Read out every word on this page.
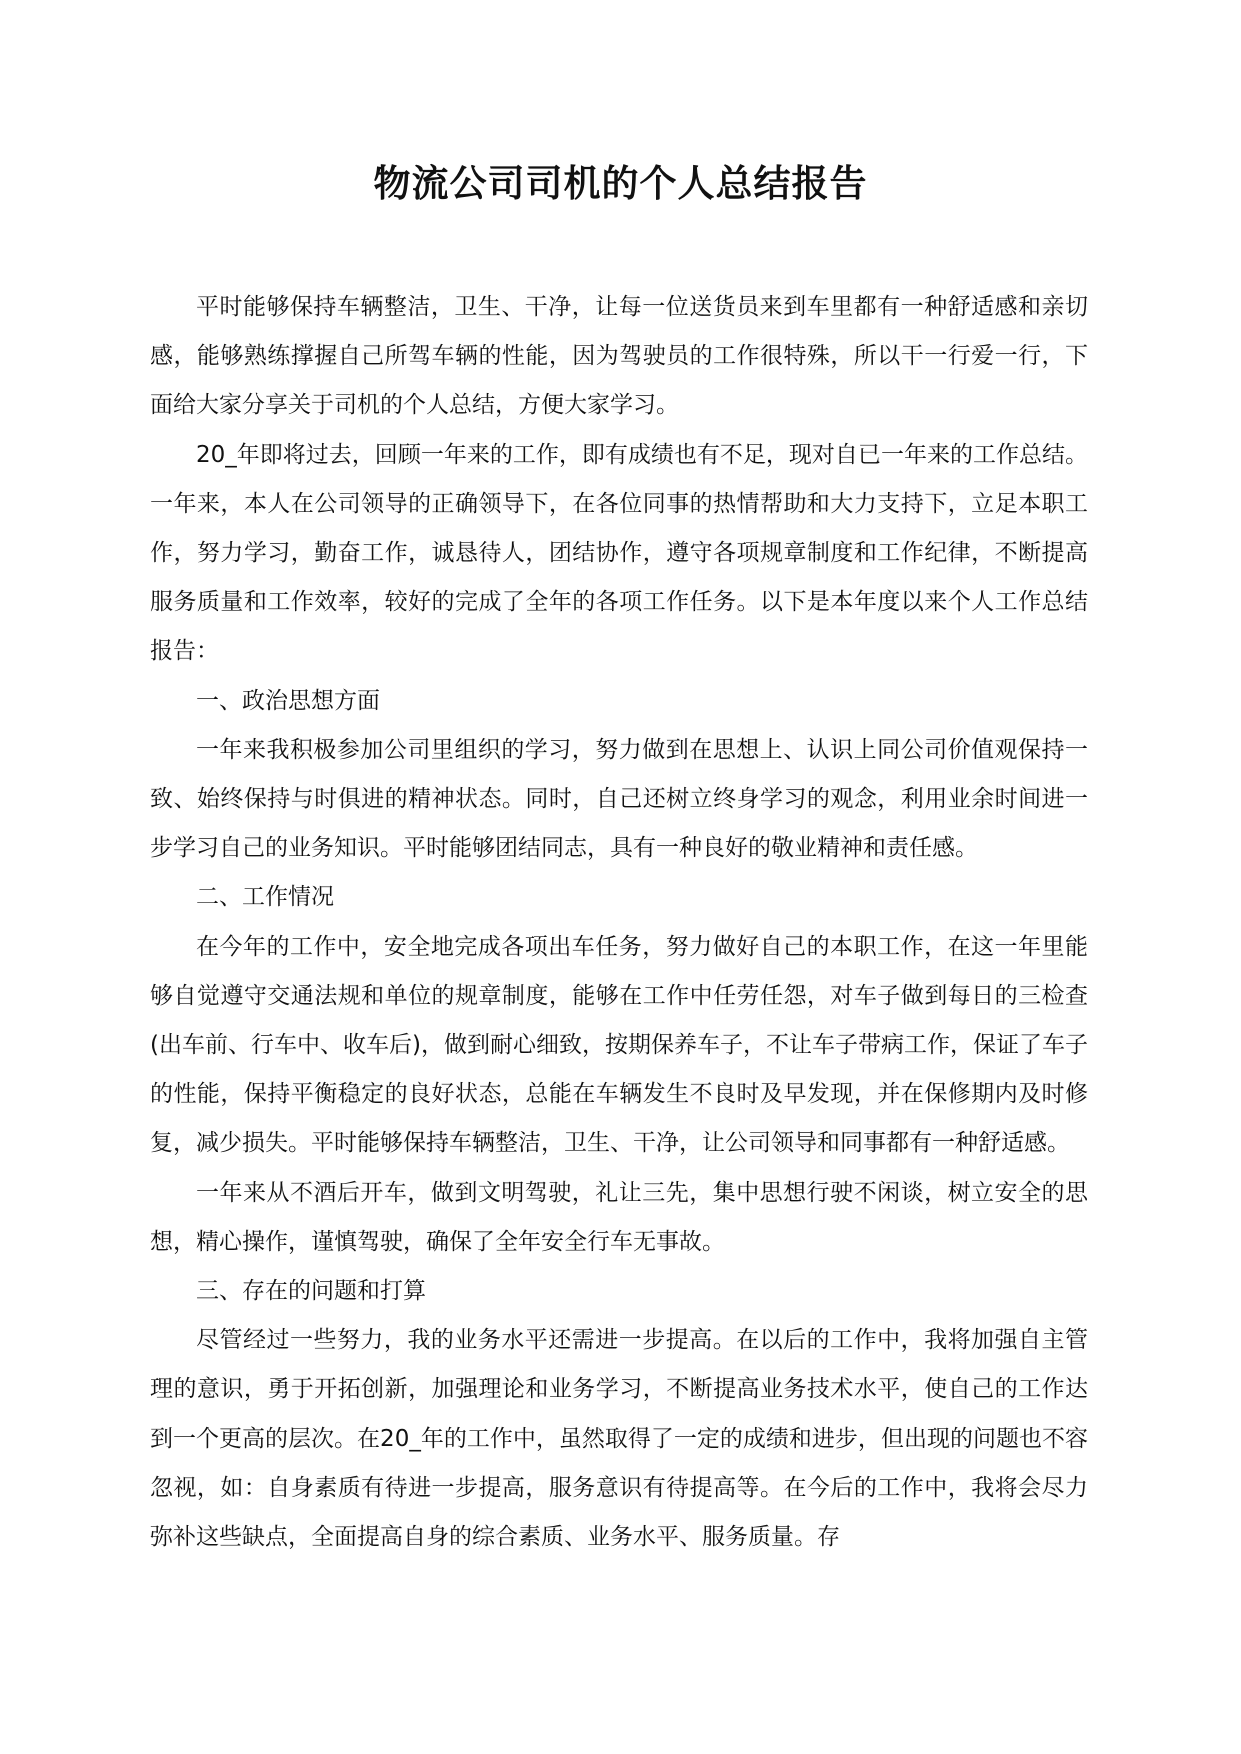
物流公司司机的个人总结报告

平时能够保持车辆整洁，卫生、干净，让每一位送货员来到车里都有一种舒适感和亲切感，能够熟练撑握自己所驾车辆的性能，因为驾驶员的工作很特殊，所以干一行爱一行，下面给大家分享关于司机的个人总结，方便大家学习。

20_年即将过去，回顾一年来的工作，即有成绩也有不足，现对自已一年来的工作总结。一年来，本人在公司领导的正确领导下，在各位同事的热情帮助和大力支持下，立足本职工作，努力学习，勤奋工作，诚恳待人，团结协作，遵守各项规章制度和工作纪律，不断提高服务质量和工作效率，较好的完成了全年的各项工作任务。以下是本年度以来个人工作总结报告：

一、政治思想方面

一年来我积极参加公司里组织的学习，努力做到在思想上、认识上同公司价值观保持一致、始终保持与时俱进的精神状态。同时，自己还树立终身学习的观念，利用业余时间进一步学习自己的业务知识。平时能够团结同志，具有一种良好的敬业精神和责任感。

二、工作情况

在今年的工作中，安全地完成各项出车任务，努力做好自己的本职工作，在这一年里能够自觉遵守交通法规和单位的规章制度，能够在工作中任劳任怨，对车子做到每日的三检查(出车前、行车中、收车后)，做到耐心细致，按期保养车子，不让车子带病工作，保证了车子的性能，保持平衡稳定的良好状态，总能在车辆发生不良时及早发现，并在保修期内及时修复，减少损失。平时能够保持车辆整洁，卫生、干净，让公司领导和同事都有一种舒适感。

一年来从不酒后开车，做到文明驾驶，礼让三先，集中思想行驶不闲谈，树立安全的思想，精心操作，谨慎驾驶，确保了全年安全行车无事故。

三、存在的问题和打算

尽管经过一些努力，我的业务水平还需进一步提高。在以后的工作中，我将加强自主管理的意识，勇于开拓创新，加强理论和业务学习，不断提高业务技术水平，使自己的工作达到一个更高的层次。在20_年的工作中，虽然取得了一定的成绩和进步，但出现的问题也不容忽视，如：自身素质有待进一步提高，服务意识有待提高等。在今后的工作中，我将会尽力弥补这些缺点，全面提高自身的综合素质、业务水平、服务质量。存
